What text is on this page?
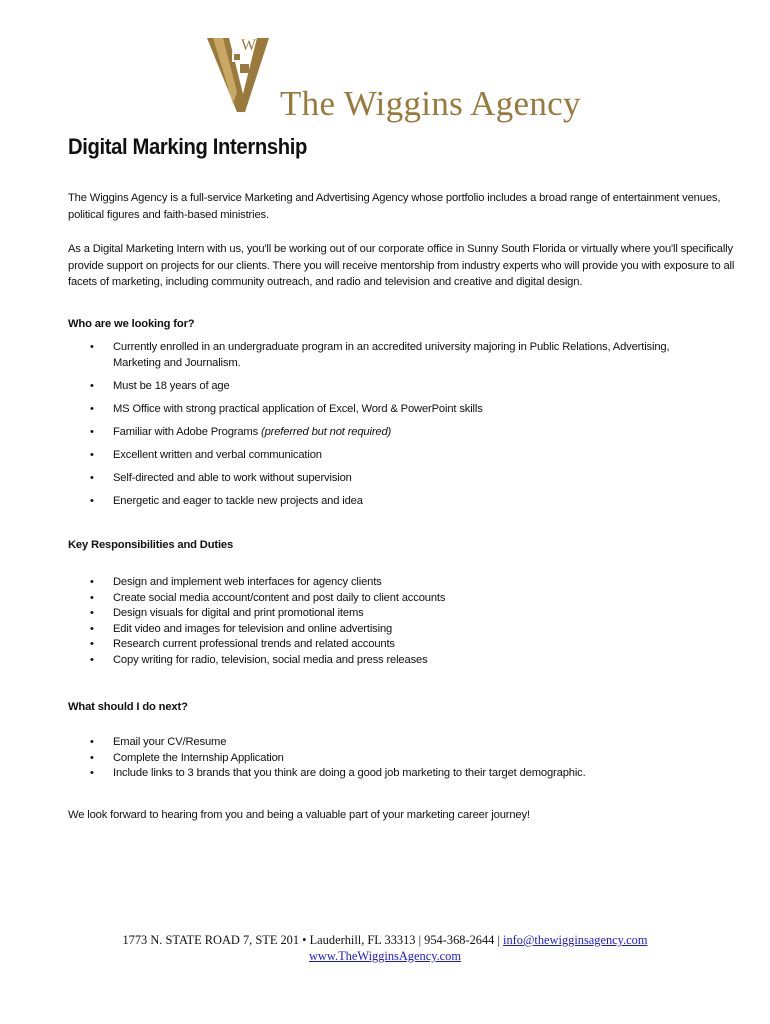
W
The Wiggins Agency
Digital Marking Internship
The Wiggins Agency is a full-service Marketing and Advertising Agency whose portfolio includes a broad range of entertainment venues, political figures and faith-based ministries.
As a Digital Marketing Intern with us, you'll be working out of our corporate office in Sunny South Florida or virtually where you'll specifically provide support on projects for our clients. There you will receive mentorship from industry experts who will provide you with exposure to all facets of marketing, including community outreach, and radio and television and creative and digital design.
Who are we looking for?
• Currently enrolled in an undergraduate program in an accredited university majoring in Public Relations, Advertising, Marketing and Journalism.
• Must be 18 years of age
• MS Office with strong practical application of Excel, Word & PowerPoint skills
• Familiar with Adobe Programs (preferred but not required)
• Excellent written and verbal communication
• Self-directed and able to work without supervision
• Energetic and eager to tackle new projects and idea
Key Responsibilities and Duties
• Design and implement web interfaces for agency clients
• Create social media account/content and post daily to client accounts
• Design visuals for digital and print promotional items
• Edit video and images for television and online advertising
• Research current professional trends and related accounts
• Copy writing for radio, television, social media and press releases
What should I do next?
• Email your CV/Resume
• Complete the Internship Application
• Include links to 3 brands that you think are doing a good job marketing to their target demographic.
We look forward to hearing from you and being a valuable part of your marketing career journey!
1773 N. STATE ROAD 7, STE 201 • Lauderhill, FL 33313 | 954-368-2644 | info@thewigginsagency.com
www.TheWigginsAgency.com
